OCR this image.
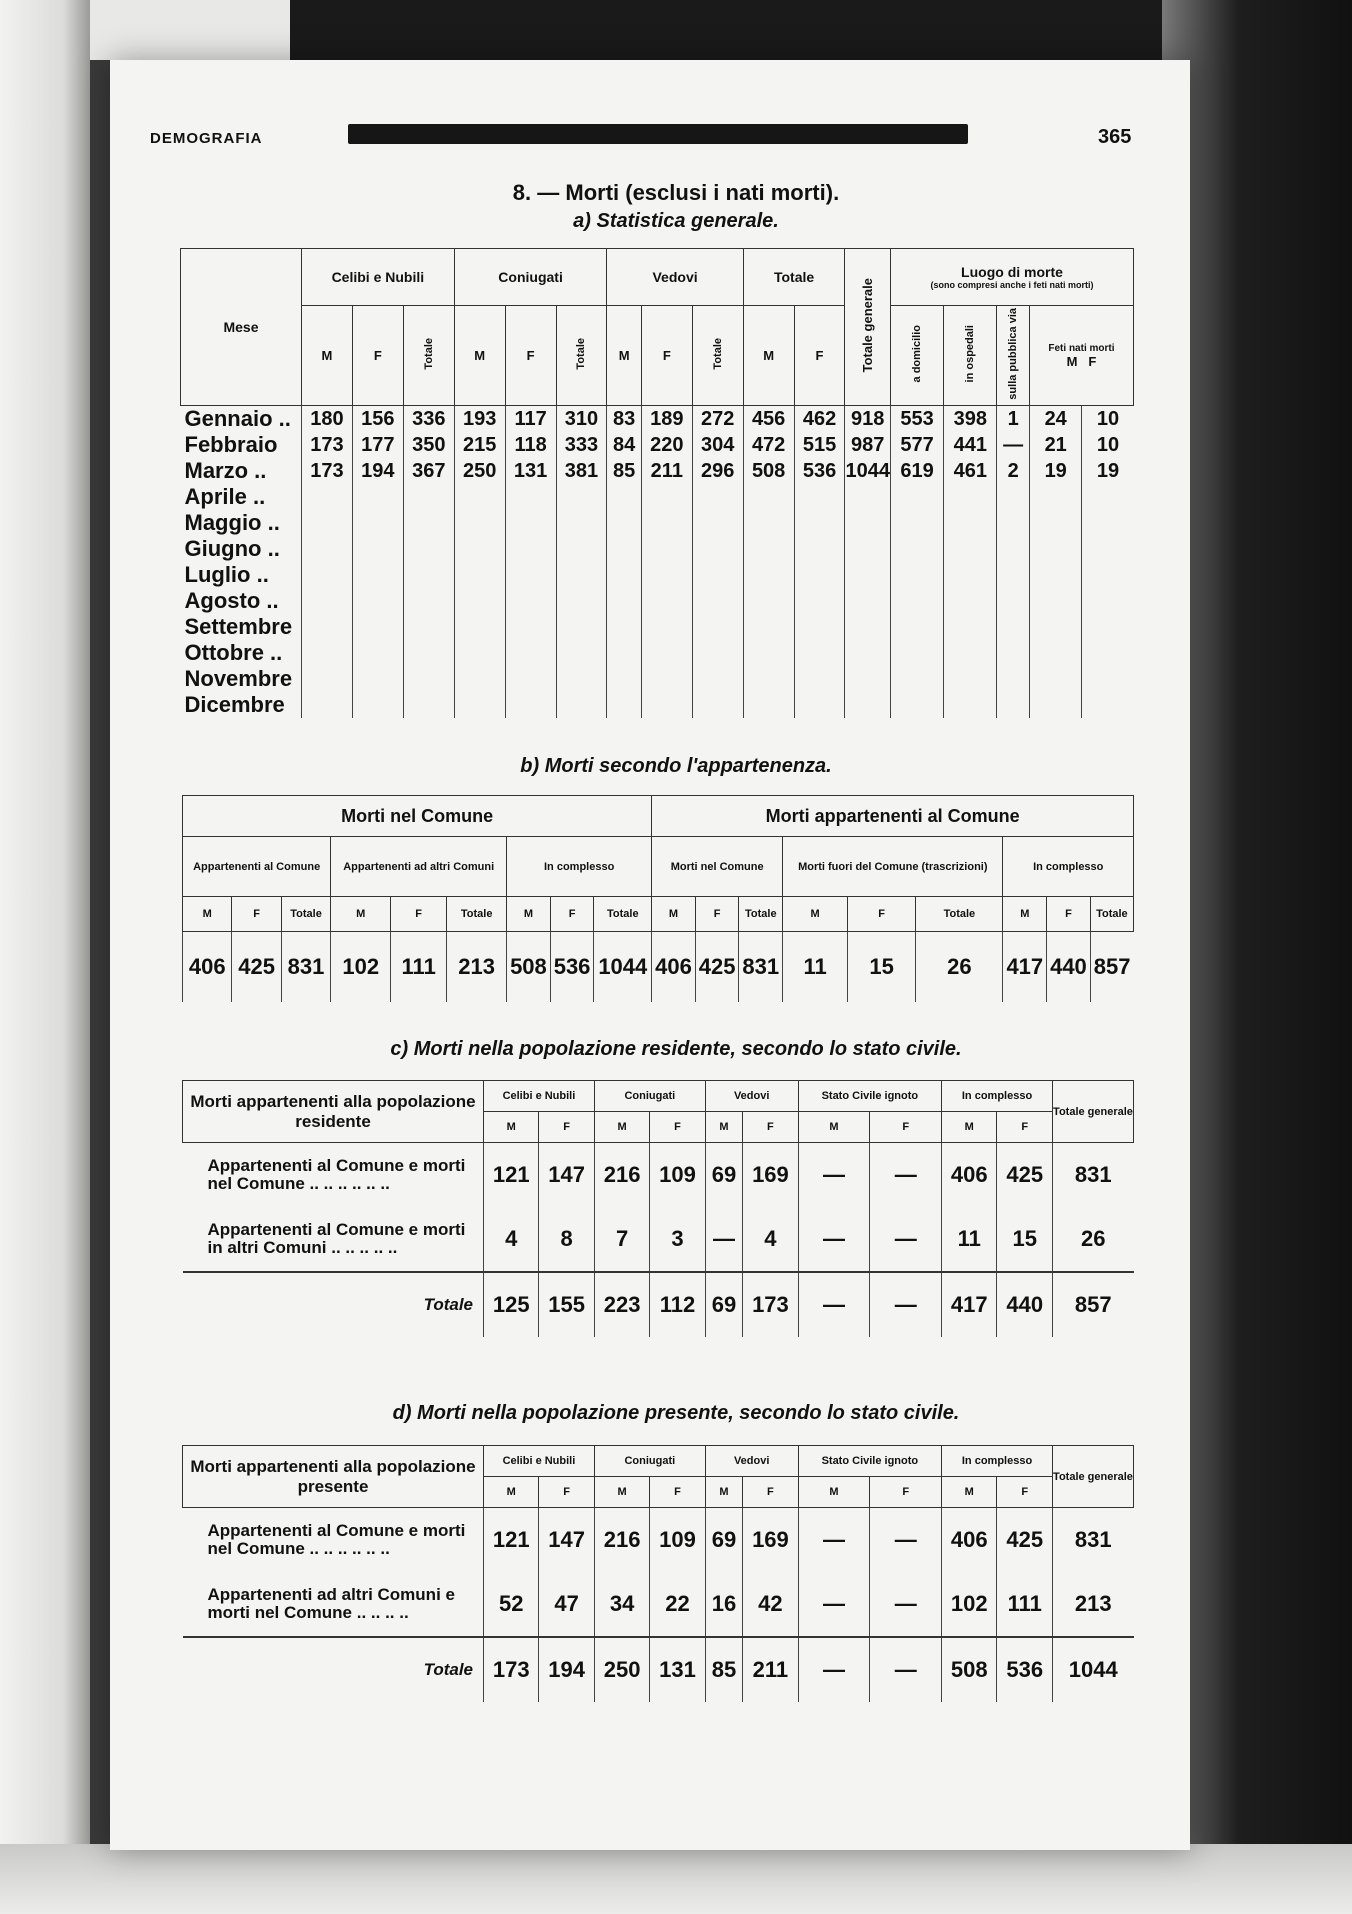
DEMOGRAFIA	365
8. — Morti (esclusi i nati morti).
a) Statistica generale.
Mese	Celibi e Nubili			Coniugati			Vedovi			Totale		Totale generale	Luogo di morte
(sono compresi anche i feti nati morti)				

	M	F	Totale	M	F	Totale	M	F	Totale	M	F		a domicilio	in ospedali	sulla pubblica via	Feti nati morti
M F	

Gennaio ..	180	156	336	193	117	310	83	189	272	456	462	918	553	398	1	24	10
Febbraio	173	177	350	215	118	333	84	220	304	472	515	987	577	441	—	21	10
Marzo ..	173	194	367	250	131	381	85	211	296	508	536	1044	619	461	2	19	19
Aprile ..																	
Maggio ..																	
Giugno ..																	
Luglio ..																	
Agosto ..																	
Settembre																	
Ottobre ..																	
Novembre																	
Dicembre																	
b) Morti secondo l'appartenenza.
Morti nel Comune									Morti appartenenti al Comune								
Appartenenti al Comune			Appartenenti ad altri Comuni			In complesso			Morti nel Comune			Morti fuori del Comune (trascrizioni)			In complesso		
M	F	Totale	M	F	Totale	M	F	Totale	M	F	Totale	M	F	Totale	M	F	Totale
406	425	831	102	111	213	508	536	1044	406	425	831	11	15	26	417	440	857
c) Morti nella popolazione residente, secondo lo stato civile.
Morti appartenenti alla popolazione residente	Celibi e Nubili		Coniugati		Vedovi		Stato Civile ignoto		In complesso		Totale generale
	M	F	M	F	M	F	M	F	M	F	
Appartenenti al Comune e morti nel Comune .. .. .. .. .. ..	121	147	216	109	69	169	—	—	406	425	831
Appartenenti al Comune e morti in altri Comuni .. .. .. .. ..	4	8	7	3	—	4	—	—	11	15	26
Totale	125	155	223	112	69	173	—	—	417	440	857
d) Morti nella popolazione presente, secondo lo stato civile.
Morti appartenenti alla popolazione presente	Celibi e Nubili		Coniugati		Vedovi		Stato Civile ignoto		In complesso		Totale generale
	M	F	M	F	M	F	M	F	M	F	
Appartenenti al Comune e morti nel Comune .. .. .. .. .. ..	121	147	216	109	69	169	—	—	406	425	831
Appartenenti ad altri Comuni e morti nel Comune .. .. .. ..	52	47	34	22	16	42	—	—	102	111	213
Totale	173	194	250	131	85	211	—	—	508	536	1044
